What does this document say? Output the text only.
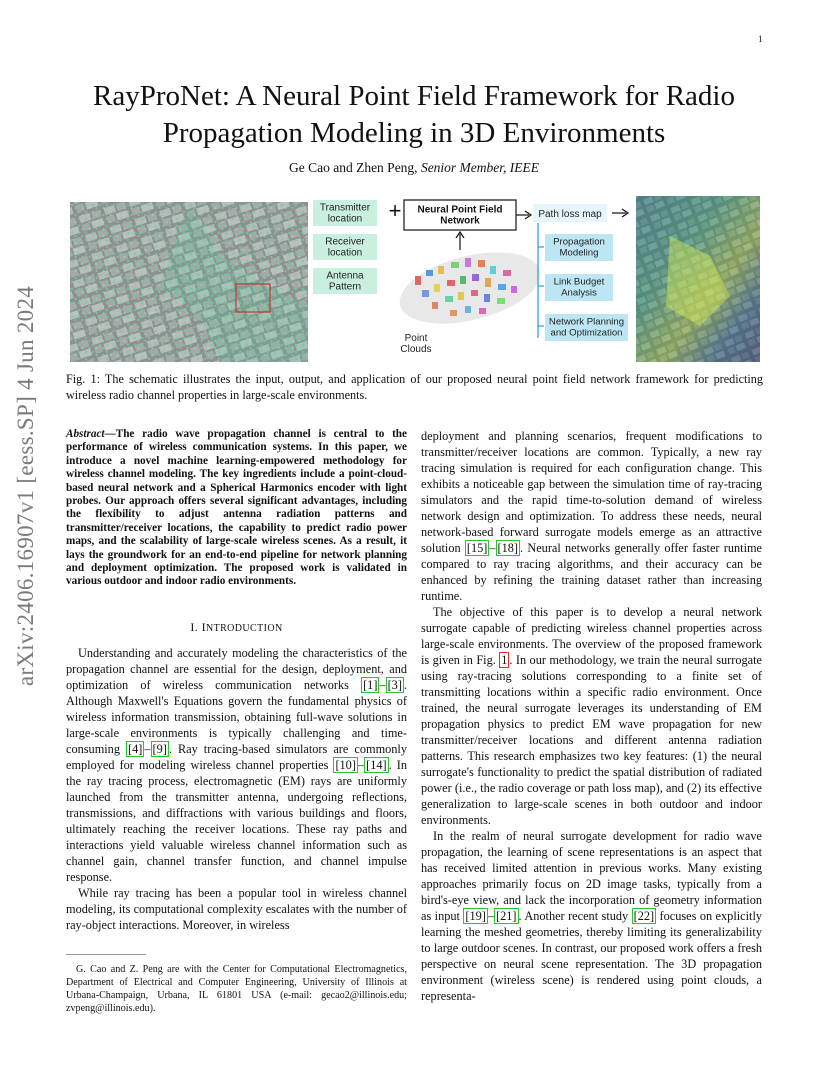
1
RayProNet: A Neural Point Field Framework for Radio Propagation Modeling in 3D Environments
Ge Cao and Zhen Peng, Senior Member, IEEE
arXiv:2406.16907v1 [eess.SP] 4 Jun 2024
Transmitter location
Receiver location
Antenna Pattern
+ Neural Point Field Network
Point Clouds
Path loss map
Propagation Modeling
Link Budget Analysis
Network Planning and Optimization
Fig. 1: The schematic illustrates the input, output, and application of our proposed neural point field network framework for predicting wireless radio channel properties in large-scale environments.
Abstract—The radio wave propagation channel is central to the performance of wireless communication systems. In this paper, we introduce a novel machine learning-empowered methodology for wireless channel modeling. The key ingredients include a point-cloud-based neural network and a Spherical Harmonics encoder with light probes. Our approach offers several significant advantages, including the flexibility to adjust antenna radiation patterns and transmitter/receiver locations, the capability to predict radio power maps, and the scalability of large-scale wireless scenes. As a result, it lays the groundwork for an end-to-end pipeline for network planning and deployment optimization. The proposed work is validated in various outdoor and indoor radio environments.
I. INTRODUCTION

Understanding and accurately modeling the characteristics of the propagation channel are essential for the design, deployment, and optimization of wireless communication networks [1] – [3] . Although Maxwell's Equations govern the fundamental physics of wireless information transmission, obtaining full-wave solutions in large-scale environments is typically challenging and time-consuming [4] – [9] . Ray tracing-based simulators are commonly employed for modeling wireless channel properties [10] – [14] . In the ray tracing process, electromagnetic (EM) rays are uniformly launched from the transmitter antenna, undergoing reflections, transmissions, and diffractions with various buildings and floors, ultimately reaching the receiver locations. These ray paths and interactions yield valuable wireless channel information such as channel gain, channel transfer function, and channel impulse response.

While ray tracing has been a popular tool in wireless channel modeling, its computational complexity escalates with the number of ray-object interactions. Moreover, in wireless

G. Cao and Z. Peng are with the Center for Computational Electromagnetics, Department of Electrical and Computer Engineering, University of Illinois at Urbana-Champaign, Urbana, IL 61801 USA (e-mail: gecao2@illinois.edu; zvpeng@illinois.edu).

deployment and planning scenarios, frequent modifications to transmitter/receiver locations are common. Typically, a new ray tracing simulation is required for each configuration change. This exhibits a noticeable gap between the simulation time of ray-tracing simulators and the rapid time-to-solution demand of wireless network design and optimization. To address these needs, neural network-based forward surrogate models emerge as an attractive solution [15] – [18] . Neural networks generally offer faster runtime compared to ray tracing algorithms, and their accuracy can be enhanced by refining the training dataset rather than increasing runtime.

The objective of this paper is to develop a neural network surrogate capable of predicting wireless channel properties across large-scale environments. The overview of the proposed framework is given in Fig. 1 . In our methodology, we train the neural surrogate using ray-tracing solutions corresponding to a finite set of transmitting locations within a specific radio environment. Once trained, the neural surrogate leverages its understanding of EM propagation physics to predict EM wave propagation for new transmitter/receiver locations and different antenna radiation patterns. This research emphasizes two key features: (1) the neural surrogate's functionality to predict the spatial distribution of radiated power (i.e., the radio coverage or path loss map), and (2) its effective generalization to large-scale scenes in both outdoor and indoor environments.

In the realm of neural surrogate development for radio wave propagation, the learning of scene representations is an aspect that has received limited attention in previous works. Many existing approaches primarily focus on 2D image tasks, typically from a bird's-eye view, and lack the incorporation of geometry information as input [19] – [21] . Another recent study [22] focuses on explicitly learning the meshed geometries, thereby limiting its generalizability to large outdoor scenes. In contrast, our proposed work offers a fresh perspective on neural scene representation. The 3D propagation environment (wireless scene) is rendered using point clouds, a representa-
